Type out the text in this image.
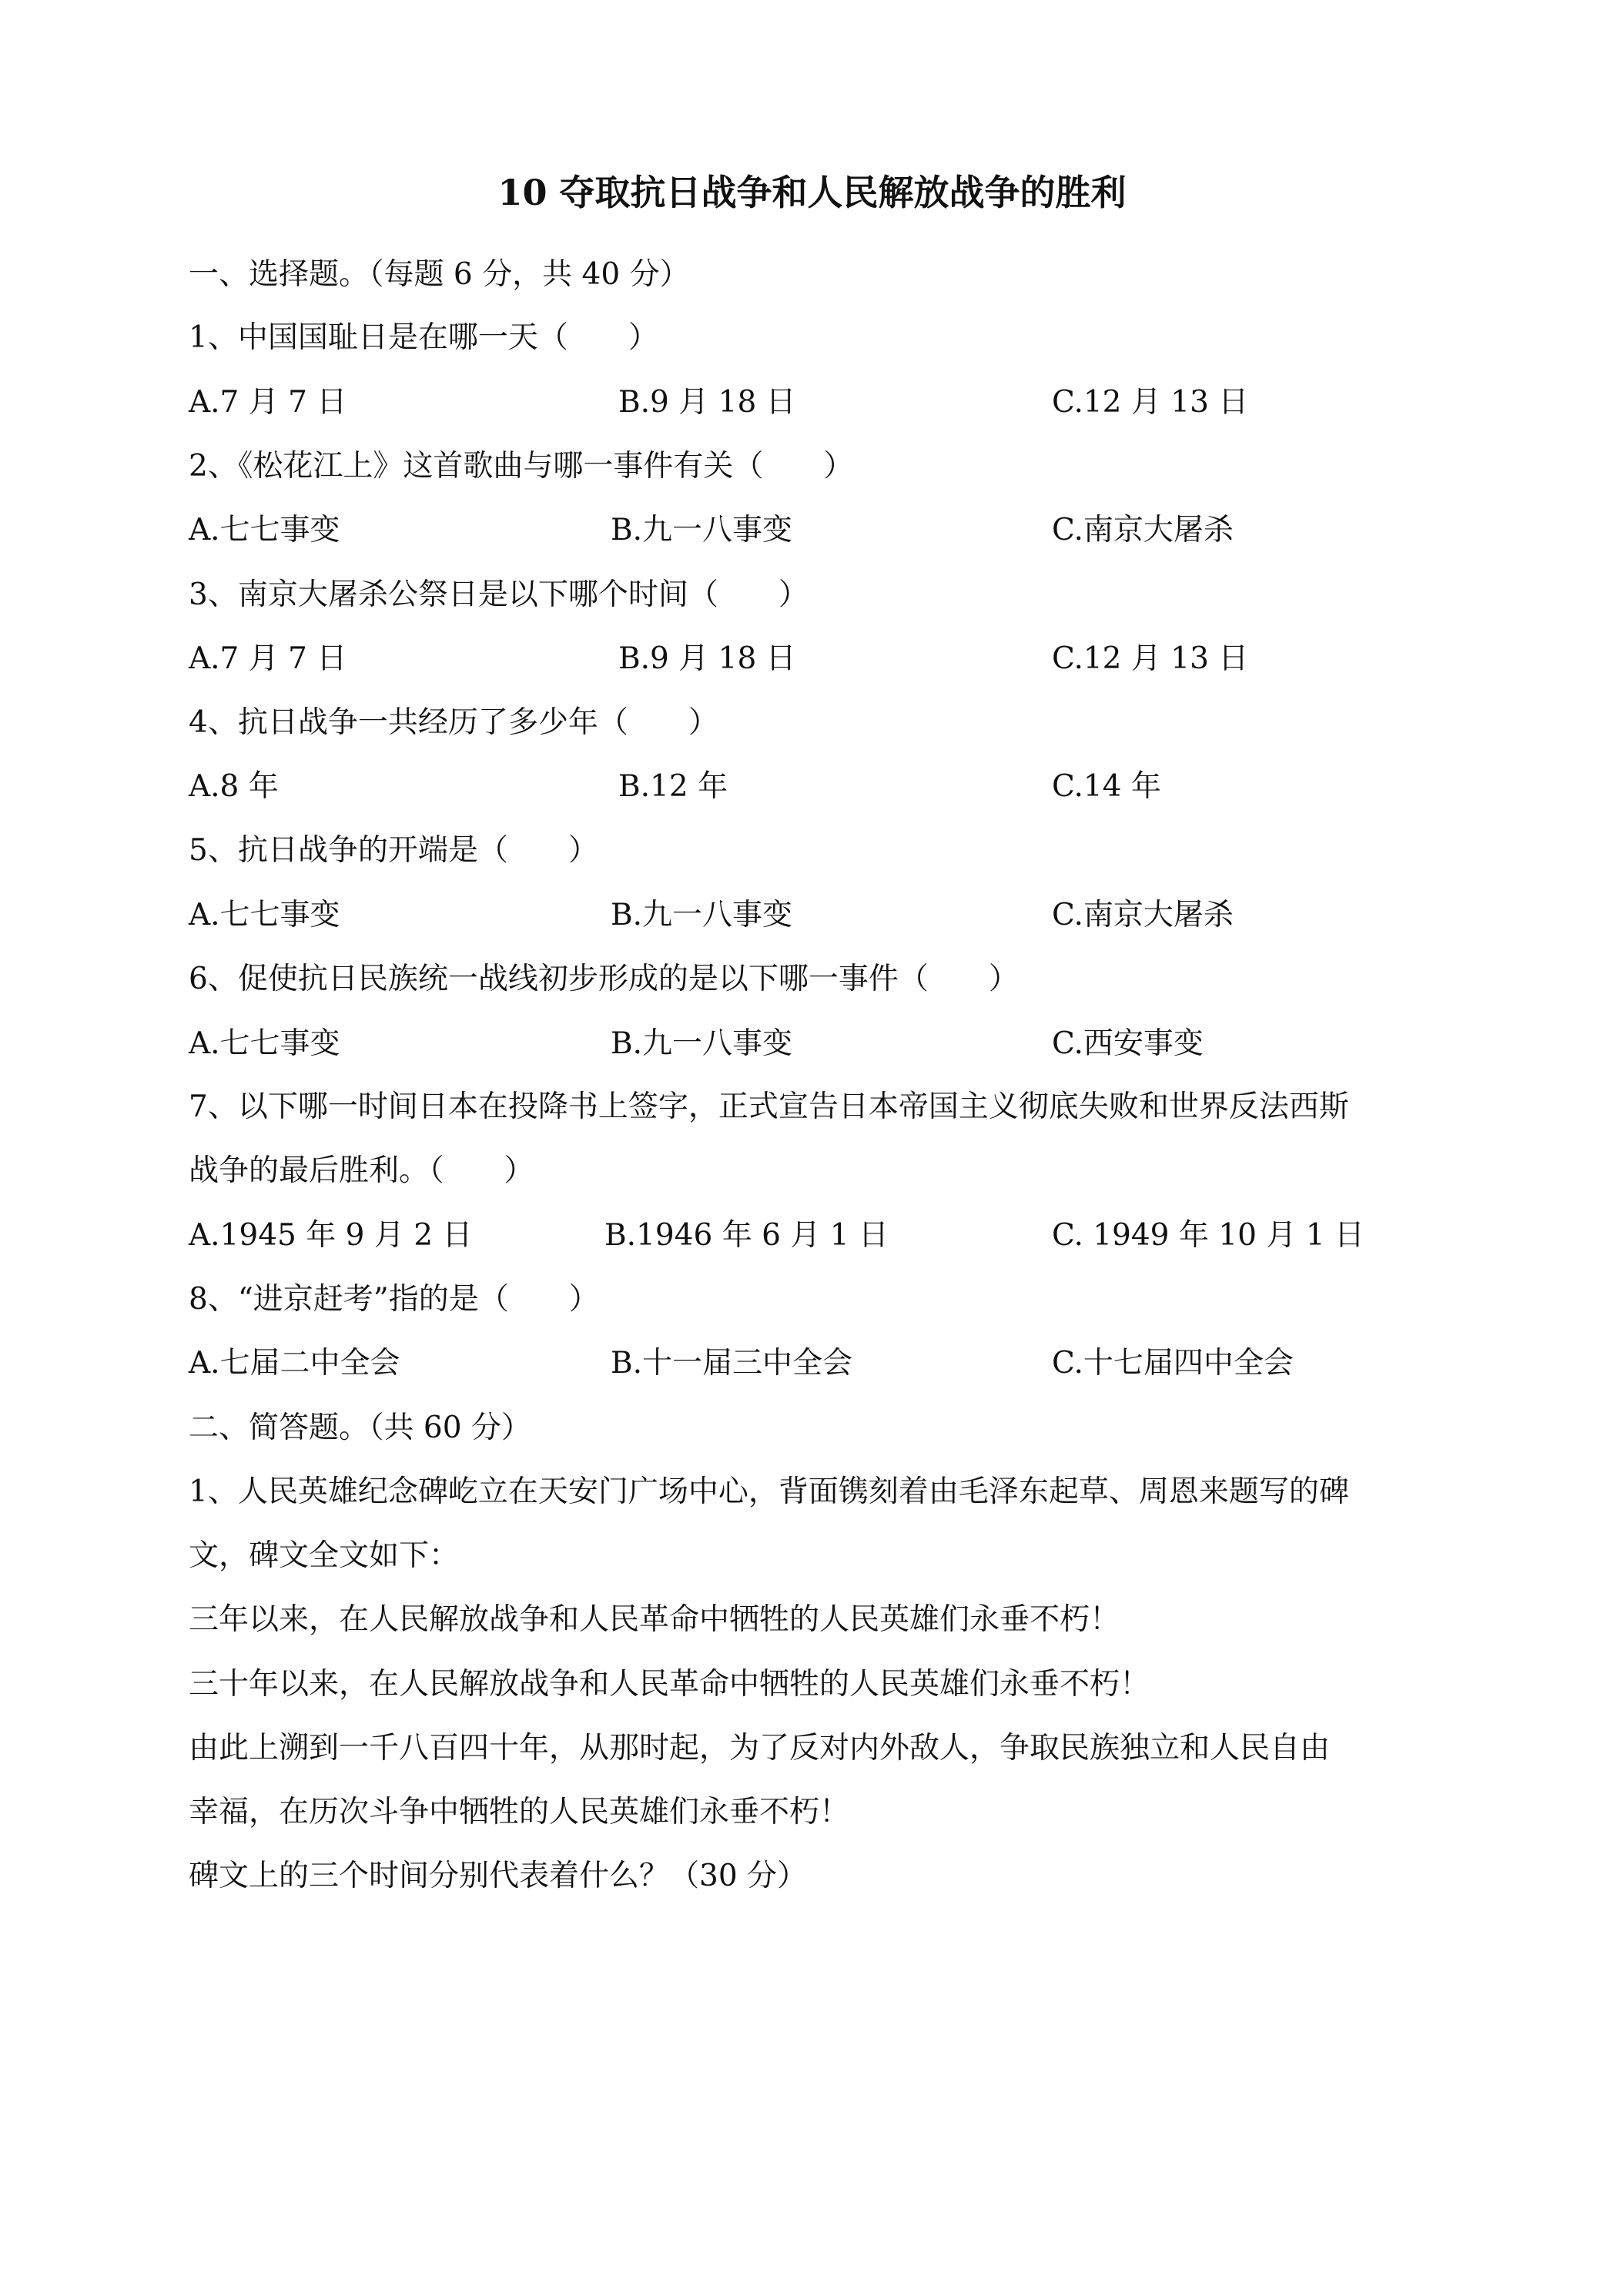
10 夺取抗日战争和人民解放战争的胜利
一、选择题。（每题 6 分，共 40 分）
1、中国国耻日是在哪一天（　　）
A.7 月 7 日	B.9 月 18 日	C.12 月 13 日
2、《松花江上》这首歌曲与哪一事件有关（　　）
A.七七事变	B.九一八事变	C.南京大屠杀
3、南京大屠杀公祭日是以下哪个时间（　　）
A.7 月 7 日	B.9 月 18 日	C.12 月 13 日
4、抗日战争一共经历了多少年（　　）
A.8 年	B.12 年	C.14 年
5、抗日战争的开端是（　　）
A.七七事变	B.九一八事变	C.南京大屠杀
6、促使抗日民族统一战线初步形成的是以下哪一事件（　　）
A.七七事变	B.九一八事变	C.西安事变
7、以下哪一时间日本在投降书上签字，正式宣告日本帝国主义彻底失败和世界反法西斯
战争的最后胜利。（　　）
A.1945 年 9 月 2 日	B.1946 年 6 月 1 日	C. 1949 年 10 月 1 日
8、“进京赶考”指的是（　　）
A.七届二中全会	B.十一届三中全会	C.十七届四中全会
二、简答题。（共 60 分）
1、人民英雄纪念碑屹立在天安门广场中心，背面镌刻着由毛泽东起草、周恩来题写的碑
文，碑文全文如下：
三年以来，在人民解放战争和人民革命中牺牲的人民英雄们永垂不朽！
三十年以来，在人民解放战争和人民革命中牺牲的人民英雄们永垂不朽！
由此上溯到一千八百四十年，从那时起，为了反对内外敌人，争取民族独立和人民自由
幸福，在历次斗争中牺牲的人民英雄们永垂不朽！
碑文上的三个时间分别代表着什么？（30 分）
